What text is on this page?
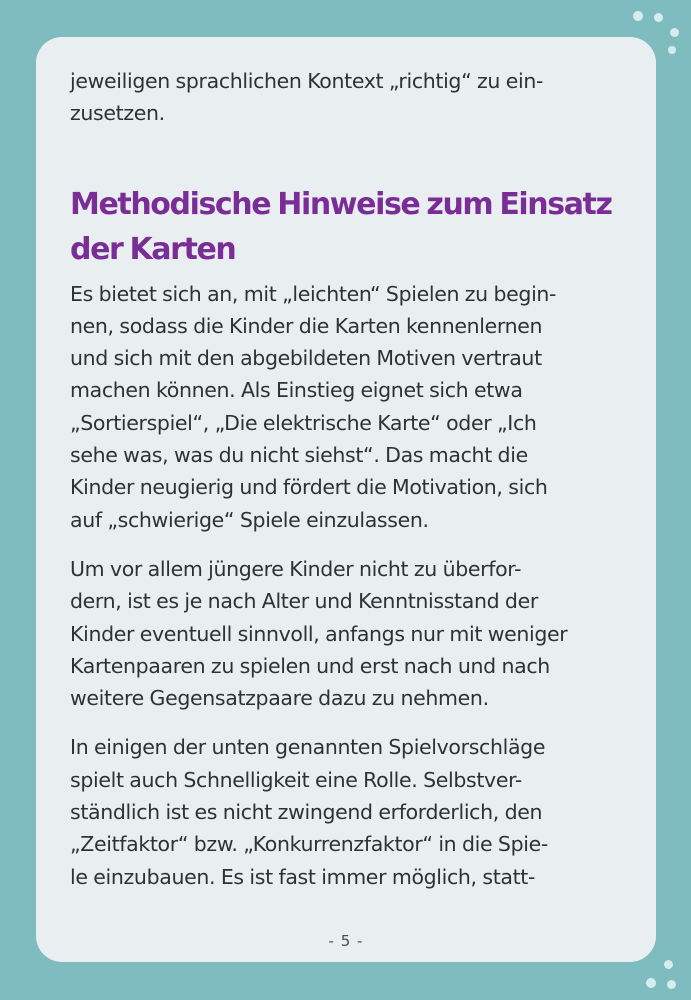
jeweiligen sprachlichen Kontext „richtig“ zu ein-
zusetzen.

Methodische Hinweise zum Einsatz
der Karten

Es bietet sich an, mit „leichten“ Spielen zu begin-
nen, sodass die Kinder die Karten kennenlernen
und sich mit den abgebildeten Motiven vertraut
machen können. Als Einstieg eignet sich etwa
„Sortierspiel“, „Die elektrische Karte“ oder „Ich
sehe was, was du nicht siehst“. Das macht die
Kinder neugierig und fördert die Motivation, sich
auf „schwierige“ Spiele einzulassen.

Um vor allem jüngere Kinder nicht zu überfor-
dern, ist es je nach Alter und Kenntnisstand der
Kinder eventuell sinnvoll, anfangs nur mit weniger
Kartenpaaren zu spielen und erst nach und nach
weitere Gegensatzpaare dazu zu nehmen.

In einigen der unten genannten Spielvorschläge
spielt auch Schnelligkeit eine Rolle. Selbstver-
ständlich ist es nicht zwingend erforderlich, den
„Zeitfaktor“ bzw. „Konkurrenzfaktor“ in die Spie-
le einzubauen. Es ist fast immer möglich, statt-

- 5 -
